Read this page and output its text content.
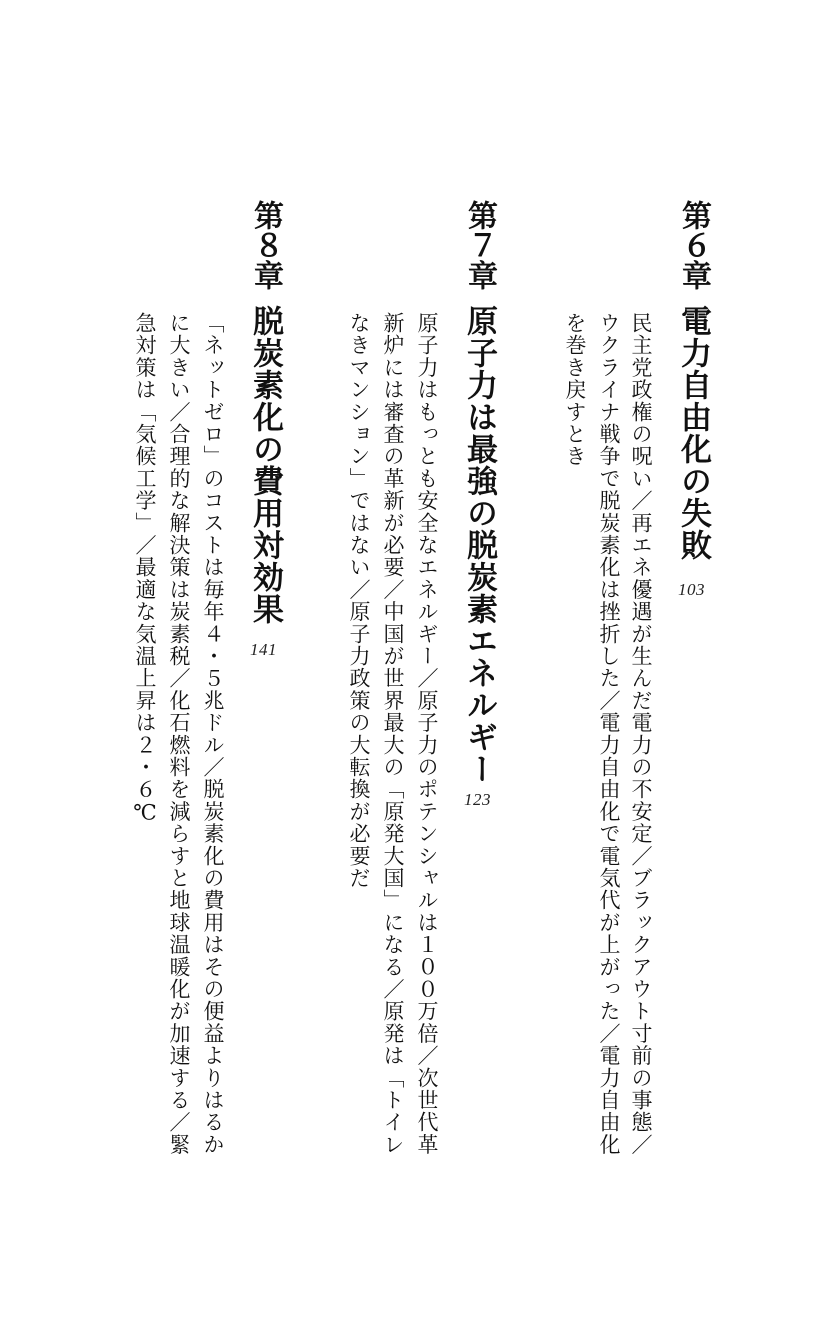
第６章
電力自由化の失敗
103
民主党政権の呪い／再エネ優遇が生んだ電力の不安定／ブラックアウト寸前の事態／
ウクライナ戦争で脱炭素化は挫折した／電力自由化で電気代が上がった／電力自由化
を巻き戻すとき
第７章
原子力は最強の脱炭素エネルギー
123
原子力はもっとも安全なエネルギー／原子力のポテンシャルは１００万倍／次世代革
新炉には審査の革新が必要／中国が世界最大の「原発大国」になる／原発は「トイレ
なきマンション」ではない／原子力政策の大転換が必要だ
第８章
脱炭素化の費用対効果
141
「ネットゼロ」のコストは毎年４・５兆ドル／脱炭素化の費用はその便益よりはるか
に大きい／合理的な解決策は炭素税／化石燃料を減らすと地球温暖化が加速する／緊
急対策は「気候工学」／最適な気温上昇は２・６℃
